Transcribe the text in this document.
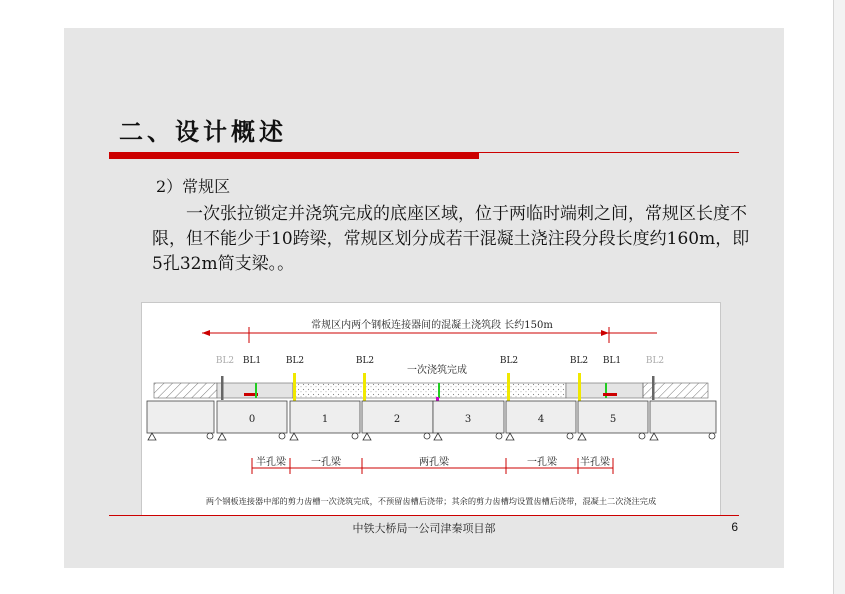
二、设计概述

2）常规区

　　一次张拉锁定并浇筑完成的底座区域，位于两临时端刺之间，常规区长度不限，但不能少于10跨梁，常规区划分成若干混凝土浇注段分段长度约160m，即5孔32m简支梁。。

常规区内两个钢板连接器间的混凝土浇筑段 长约150m
BL2 BL1	BL2	BL2	BL2	BL2 BL1	BL2
一次浇筑完成
0	1	2	3	4	5
半孔梁	一孔梁	两孔梁	一孔梁 半孔梁
两个钢板连接器中部的剪力齿槽一次浇筑完成，不预留齿槽后浇带；其余的剪力齿槽均设置齿槽后浇带，混凝土二次浇注完成

中铁大桥局一公司津秦项目部	6
